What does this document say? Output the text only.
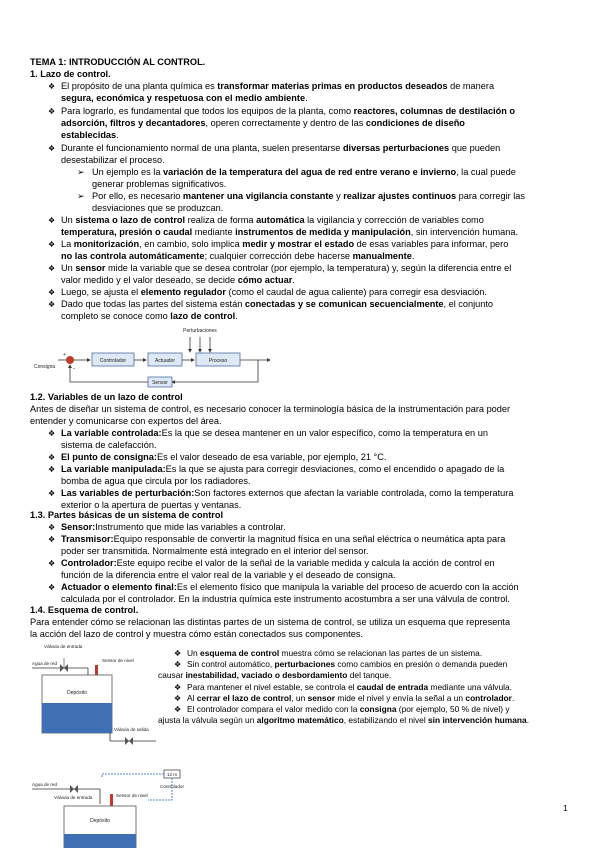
TEMA 1: INTRODUCCIÓN AL CONTROL.
1. Lazo de control.
❖ El propósito de una planta química es transformar materias primas en productos deseados de manera
segura, económica y respetuosa con el medio ambiente.
❖ Para lograrlo, es fundamental que todos los equipos de la planta, como reactores, columnas de destilación o
adsorción, filtros y decantadores, operen correctamente y dentro de las condiciones de diseño
establecidas.
❖ Durante el funcionamiento normal de una planta, suelen presentarse diversas perturbaciones que pueden
desestabilizar el proceso.
➢ Un ejemplo es la variación de la temperatura del agua de red entre verano e invierno, la cual puede
generar problemas significativos.
➢ Por ello, es necesario mantener una vigilancia constante y realizar ajustes continuos para corregir las
desviaciones que se produzcan.
❖ Un sistema o lazo de control realiza de forma automática la vigilancia y corrección de variables como
temperatura, presión o caudal mediante instrumentos de medida y manipulación, sin intervención humana.
❖ La monitorización, en cambio, solo implica medir y mostrar el estado de esas variables para informar, pero
no las controla automáticamente; cualquier corrección debe hacerse manualmente.
❖ Un sensor mide la variable que se desea controlar (por ejemplo, la temperatura) y, según la diferencia entre el
valor medido y el valor deseado, se decide cómo actuar.
❖ Luego, se ajusta el elemento regulador (como el caudal de agua caliente) para corregir esa desviación.
❖ Dado que todas las partes del sistema están conectadas y se comunican secuencialmente, el conjunto
completo se conoce como lazo de control.
Perturbaciones
Consigna
+
-
Controlador	Actuador	Proceso
Sensor
1.2. Variables de un lazo de control
Antes de diseñar un sistema de control, es necesario conocer la terminología básica de la instrumentación para poder
entender y comunicarse con expertos del área.
❖ La variable controlada:Es la que se desea mantener en un valor específico, como la temperatura en un
sistema de calefacción.
❖ El punto de consigna:Es el valor deseado de esa variable, por ejemplo, 21 °C.
❖ La variable manipulada:Es la que se ajusta para corregir desviaciones, como el encendido o apagado de la
bomba de agua que circula por los radiadores.
❖ Las variables de perturbación:Son factores externos que afectan la variable controlada, como la temperatura
exterior o la apertura de puertas y ventanas.
1.3. Partes básicas de un sistema de control
❖ Sensor:Instrumento que mide las variables a controlar.
❖ Transmisor:Equipo responsable de convertir la magnitud física en una señal eléctrica o neumática apta para
poder ser transmitida. Normalmente está integrado en el interior del sensor.
❖ Controlador:Este equipo recibe el valor de la señal de la variable medida y calcula la acción de control en
función de la diferencia entre el valor real de la variable y el deseado de consigna.
❖ Actuador o elemento final:Es el elemento físico que manipula la variable del proceso de acuerdo con la acción
calculada por el controlador. En la industria química este instrumento acostumbra a ser una válvula de control.
1.4. Esquema de control.
Para entender cómo se relacionan las distintas partes de un sistema de control, se utiliza un esquema que representa
la acción del lazo de control y muestra cómo están conectados sus componentes.
Válvula de entrada
Agua de red
Sensor de nivel
Depósito
Válvula de salida
❖ Un esquema de control muestra cómo se relacionan las partes de un sistema.
❖ Sin control automático, perturbaciones como cambios en presión o demanda pueden
causar inestabilidad, vaciado o desbordamiento del tanque.
❖ Para mantener el nivel estable, se controla el caudal de entrada mediante una válvula.
❖ Al cerrar el lazo de control, un sensor mide el nivel y envía la señal a un controlador.
❖ El controlador compara el valor medido con la consigna (por ejemplo, 50 % de nivel) y
ajusta la válvula según un algoritmo matemático, estabilizando el nivel sin intervención humana.
12 m
Controlador
Agua de red
Válvula de entrada	Sensor de nivel
Depósito
1
